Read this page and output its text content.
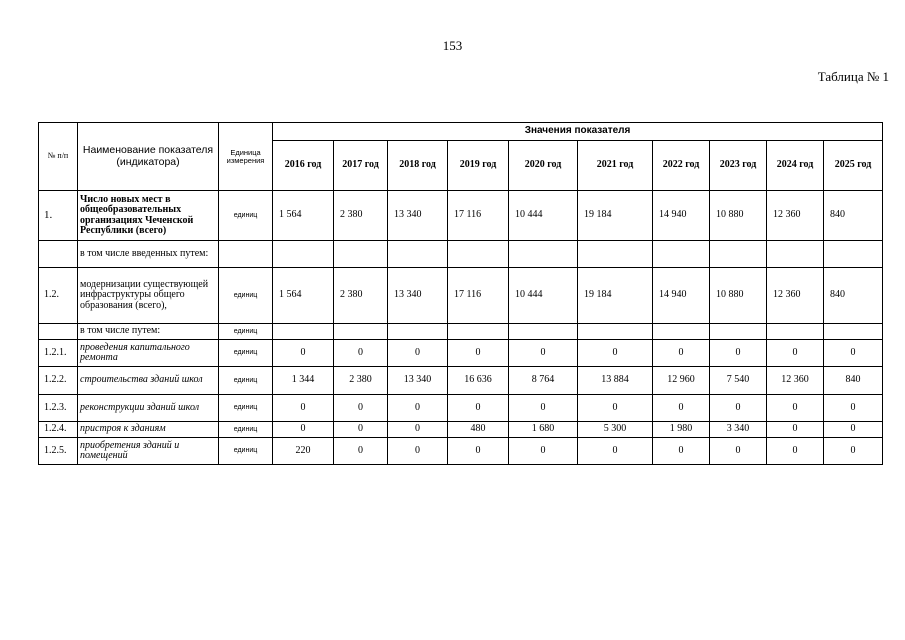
153
Таблица № 1
№ п/п	Наименование показателя (индикатора)	Единица измерения	Значения показателя									
			2016 год	2017 год	2018 год	2019 год	2020 год	2021 год	2022 год	2023 год	2024 год	2025 год
1.	Число новых мест в общеобразовательных организациях Чеченской Республики (всего)	единиц	1 564	2 380	13 340	17 116	10 444	19 184	14 940	10 880	12 360	840
	в том числе введенных путем:											
1.2.	модернизации существующей инфраструктуры общего образования (всего),	единиц	1 564	2 380	13 340	17 116	10 444	19 184	14 940	10 880	12 360	840
	в том числе путем:	единиц										
1.2.1.	проведения капитального ремонта	единиц	0	0	0	0	0	0	0	0	0	0
1.2.2.	строительства зданий школ	единиц	1 344	2 380	13 340	16 636	8 764	13 884	12 960	7 540	12 360	840
1.2.3.	реконструкции зданий школ	единиц	0	0	0	0	0	0	0	0	0	0
1.2.4.	пристроя к зданиям	единиц	0	0	0	480	1 680	5 300	1 980	3 340	0	0
1.2.5.	приобретения зданий и помещений	единиц	220	0	0	0	0	0	0	0	0	0
